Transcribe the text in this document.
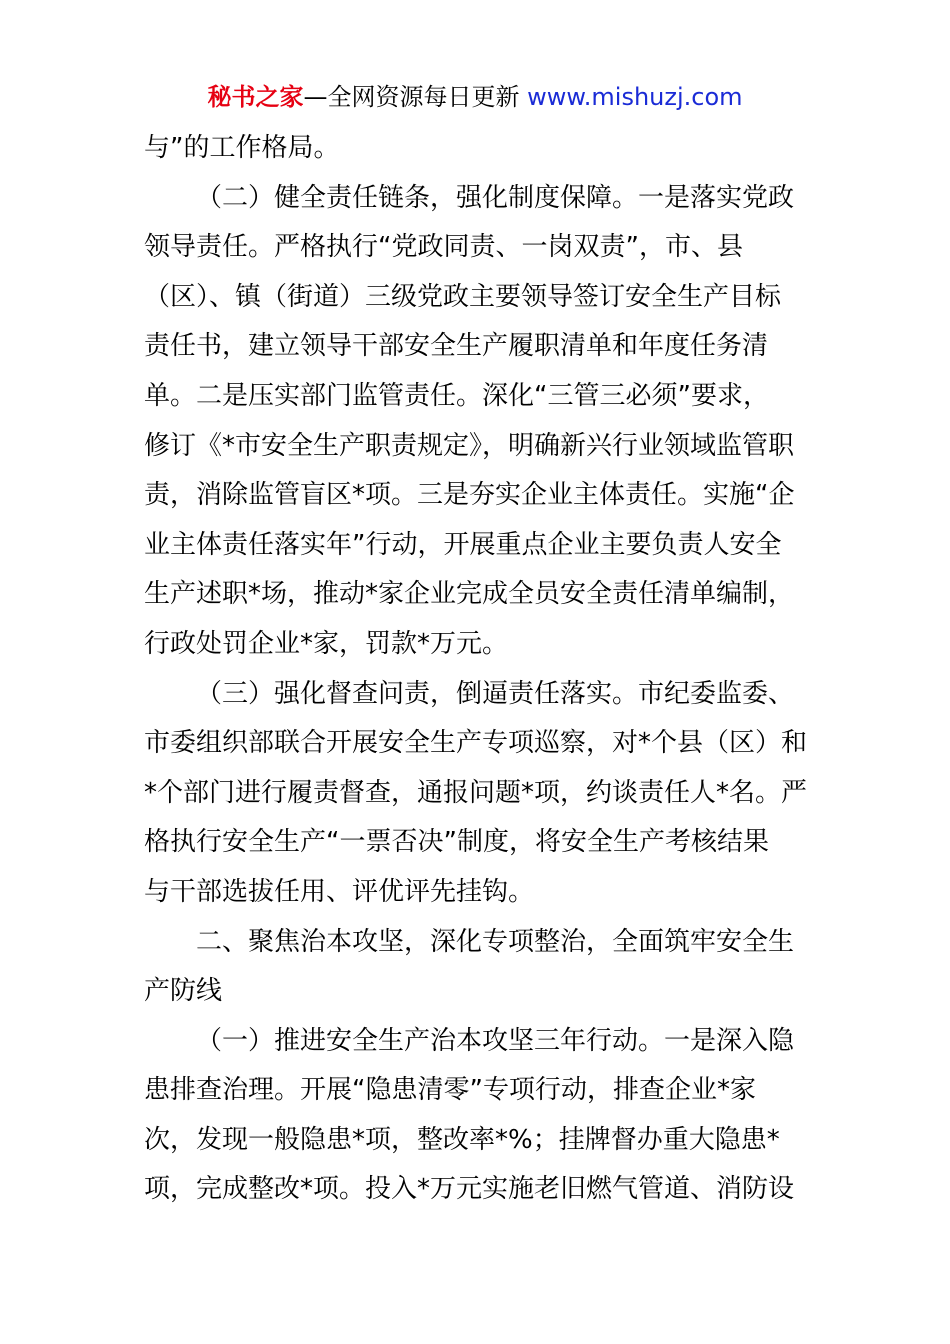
秘书之家—全网资源每日更新 www.mishuzj.com
与”的工作格局。
（二）健全责任链条，强化制度保障。一是落实党政
领导责任。严格执行“党政同责、一岗双责”，市、县
（区）、镇（街道）三级党政主要领导签订安全生产目标
责任书，建立领导干部安全生产履职清单和年度任务清
单。二是压实部门监管责任。深化“三管三必须”要求，
修订《*市安全生产职责规定》，明确新兴行业领域监管职
责，消除监管盲区*项。三是夯实企业主体责任。实施“企
业主体责任落实年”行动，开展重点企业主要负责人安全
生产述职*场，推动*家企业完成全员安全责任清单编制，
行政处罚企业*家，罚款*万元。
（三）强化督查问责，倒逼责任落实。市纪委监委、
市委组织部联合开展安全生产专项巡察，对*个县（区）和
*个部门进行履责督查，通报问题*项，约谈责任人*名。严
格执行安全生产“一票否决”制度，将安全生产考核结果
与干部选拔任用、评优评先挂钩。
二、聚焦治本攻坚，深化专项整治，全面筑牢安全生
产防线
（一）推进安全生产治本攻坚三年行动。一是深入隐
患排查治理。开展“隐患清零”专项行动，排查企业*家
次，发现一般隐患*项，整改率*%；挂牌督办重大隐患*
项，完成整改*项。投入*万元实施老旧燃气管道、消防设
